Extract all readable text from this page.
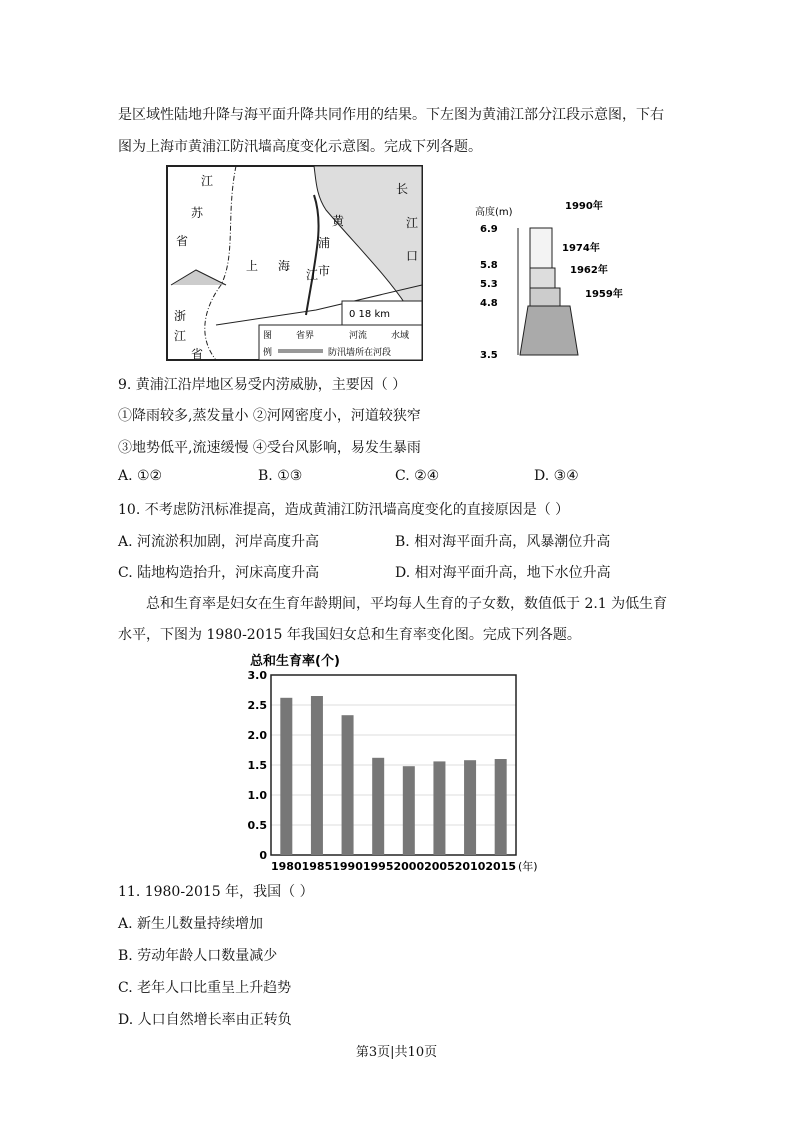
是区域性陆地升降与海平面升降共同作用的结果。下左图为黄浦江部分江段示意图，下右
图为上海市黄浦江防汛墙高度变化示意图。完成下列各题。
江
苏
省
上 海 市
黄
浦
江
长
江
口
浙
江
省
0 18 km
图	省界	河流	水域
例	防汛墙所在河段
高度(m)
6.9
5.8
5.3
4.8
3.5
1990年
1974年
1962年
1959年
9. 黄浦江沿岸地区易受内涝威胁，主要因（ ）
①降雨较多,蒸发量小 ②河网密度小，河道较狭窄
③地势低平,流速缓慢 ④受台风影响，易发生暴雨
A. ①②	B. ①③	C. ②④	D. ③④
10. 不考虑防汛标准提高，造成黄浦江防汛墙高度变化的直接原因是（ ）
A. 河流淤积加剧，河岸高度升高	B. 相对海平面升高，风暴潮位升高
C. 陆地构造抬升，河床高度升高	D. 相对海平面升高，地下水位升高
总和生育率是妇女在生育年龄期间，平均每人生育的子女数，数值低于 2.1 为低生育
水平，下图为 1980-2015 年我国妇女总和生育率变化图。完成下列各题。
总和生育率(个)
0
0.5
1.0
1.5
2.0
2.5
3.0
1980 1985 1990 1995 2000 2005 2010 2015 (年)
11. 1980-2015 年，我国（ ）
A. 新生儿数量持续增加
B. 劳动年龄人口数量减少
C. 老年人口比重呈上升趋势
D. 人口自然增长率由正转负
第3页|共10页
